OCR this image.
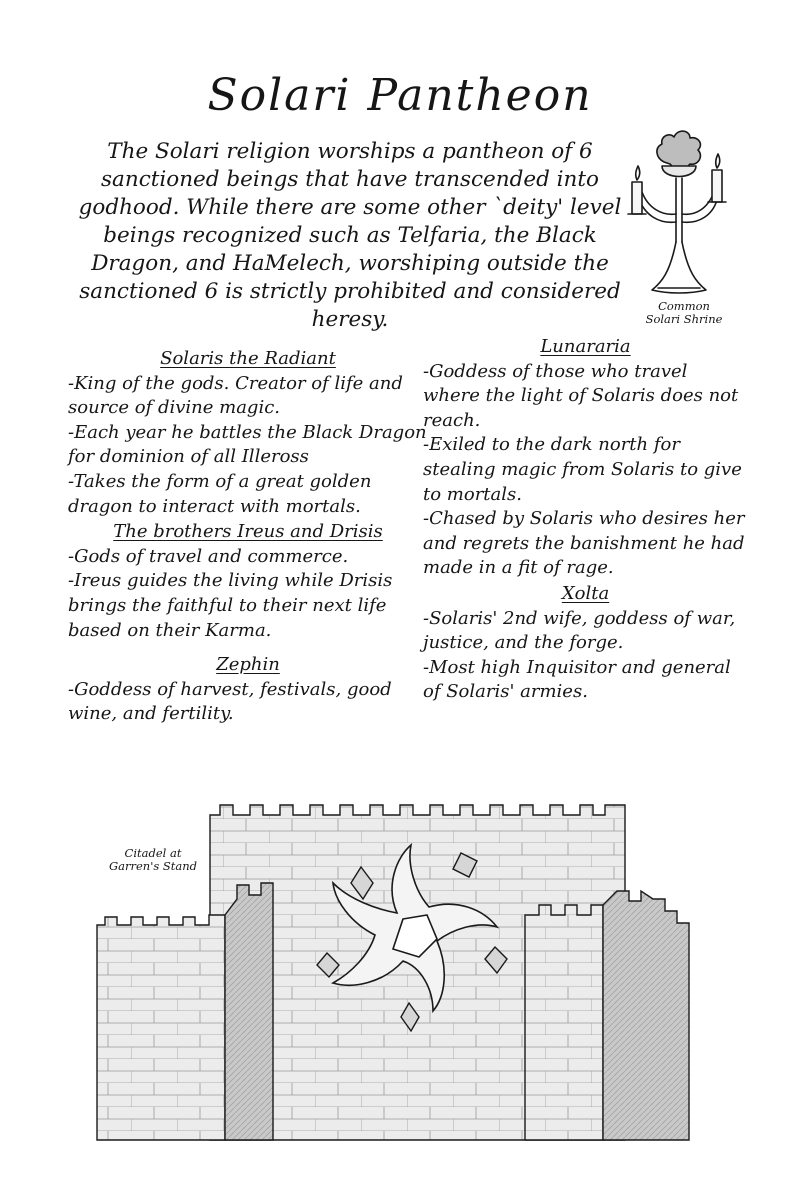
Solari Pantheon
The Solari religion worships a pantheon of 6 sanctioned beings that have transcended into godhood. While there are some other `deity' level beings recognized such as Telfaria, the Black Dragon, and HaMelech, worshiping outside the sanctioned 6 is strictly prohibited and considered heresy.
Common
Solari Shrine
Solaris the Radiant
-King of the gods. Creator of life and source of divine magic.
-Each year he battles the Black Dragon for dominion of all Illeross
-Takes the form of a great golden dragon to interact with mortals.
The brothers Ireus and Drisis
-Gods of travel and commerce.
-Ireus guides the living while Drisis brings the faithful to their next life based on their Karma.
Zephin
-Goddess of harvest, festivals, good wine, and fertility.
Lunararia
-Goddess of those who travel where the light of Solaris does not reach.
-Exiled to the dark north for stealing magic from Solaris to give to mortals.
-Chased by Solaris who desires her and regrets the banishment he had made in a fit of rage.
Xolta
-Solaris' 2nd wife, goddess of war, justice, and the forge.
-Most high Inquisitor and general of Solaris' armies.
Citadel at
Garren's Stand
